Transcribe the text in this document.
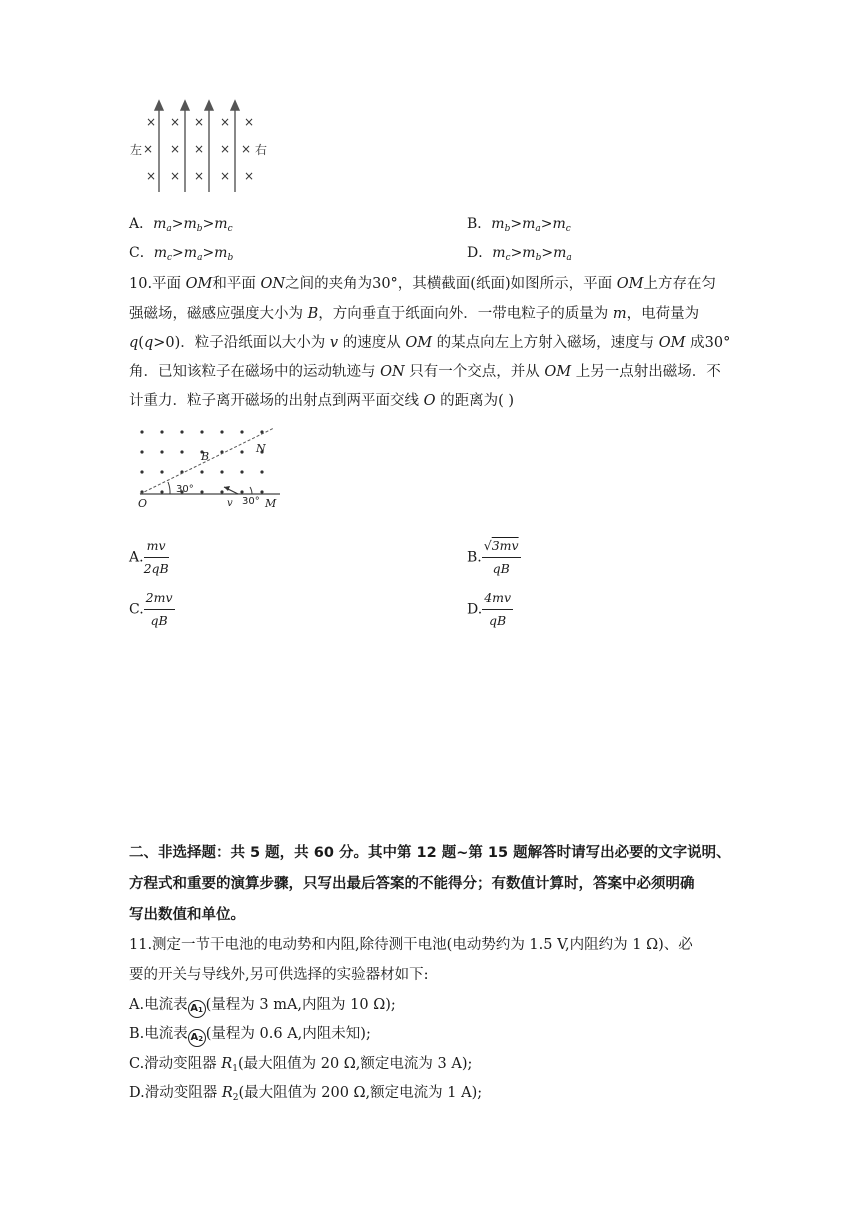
× × × × ×
× × × × ×
× × × × ×
左	右
A．$m_a>m_b>m_c$	B．$m_b>m_a>m_c$
C．$m_c>m_a>m_b$	D．$m_c>m_b>m_a$
10.平面 OM和平面 ON之间的夹角为30°，其横截面(纸面)如图所示，平面 OM上方存在匀
强磁场，磁感应强度大小为 B，方向垂直于纸面向外．一带电粒子的质量为 m，电荷量为
q(q>0)．粒子沿纸面以大小为 v 的速度从 OM 的某点向左上方射入磁场，速度与 OM 成30°
角．已知该粒子在磁场中的运动轨迹与 ON 只有一个交点，并从 OM 上另一点射出磁场．不
计重力．粒子离开磁场的出射点到两平面交线 O 的距离为( )
O
N
M
B
v
30°
30°
A. $\frac{mv}{2qB}$	B. $\frac{√3mv}{qB}$
C. $\frac{2mv}{qB}$	D. $\frac{4mv}{qB}$
二、非选择题：共 5 题，共 60 分。其中第 12 题~第 15 题解答时请写出必要的文字说明、
方程式和重要的演算步骤，只写出最后答案的不能得分；有数值计算时，答案中必须明确
写出数值和单位。
11.测定一节干电池的电动势和内阻,除待测干电池(电动势约为 1.5 V,内阻约为 1 Ω)、必
要的开关与导线外,另可供选择的实验器材如下:
A.电流表 $A_1$ (量程为 3 mA,内阻为 10 Ω);
B.电流表 $A_2$ (量程为 0.6 A,内阻未知);
C.滑动变阻器 $R_1$(最大阻值为 20 Ω,额定电流为 3 A);
D.滑动变阻器 $R_2$(最大阻值为 200 Ω,额定电流为 1 A);
